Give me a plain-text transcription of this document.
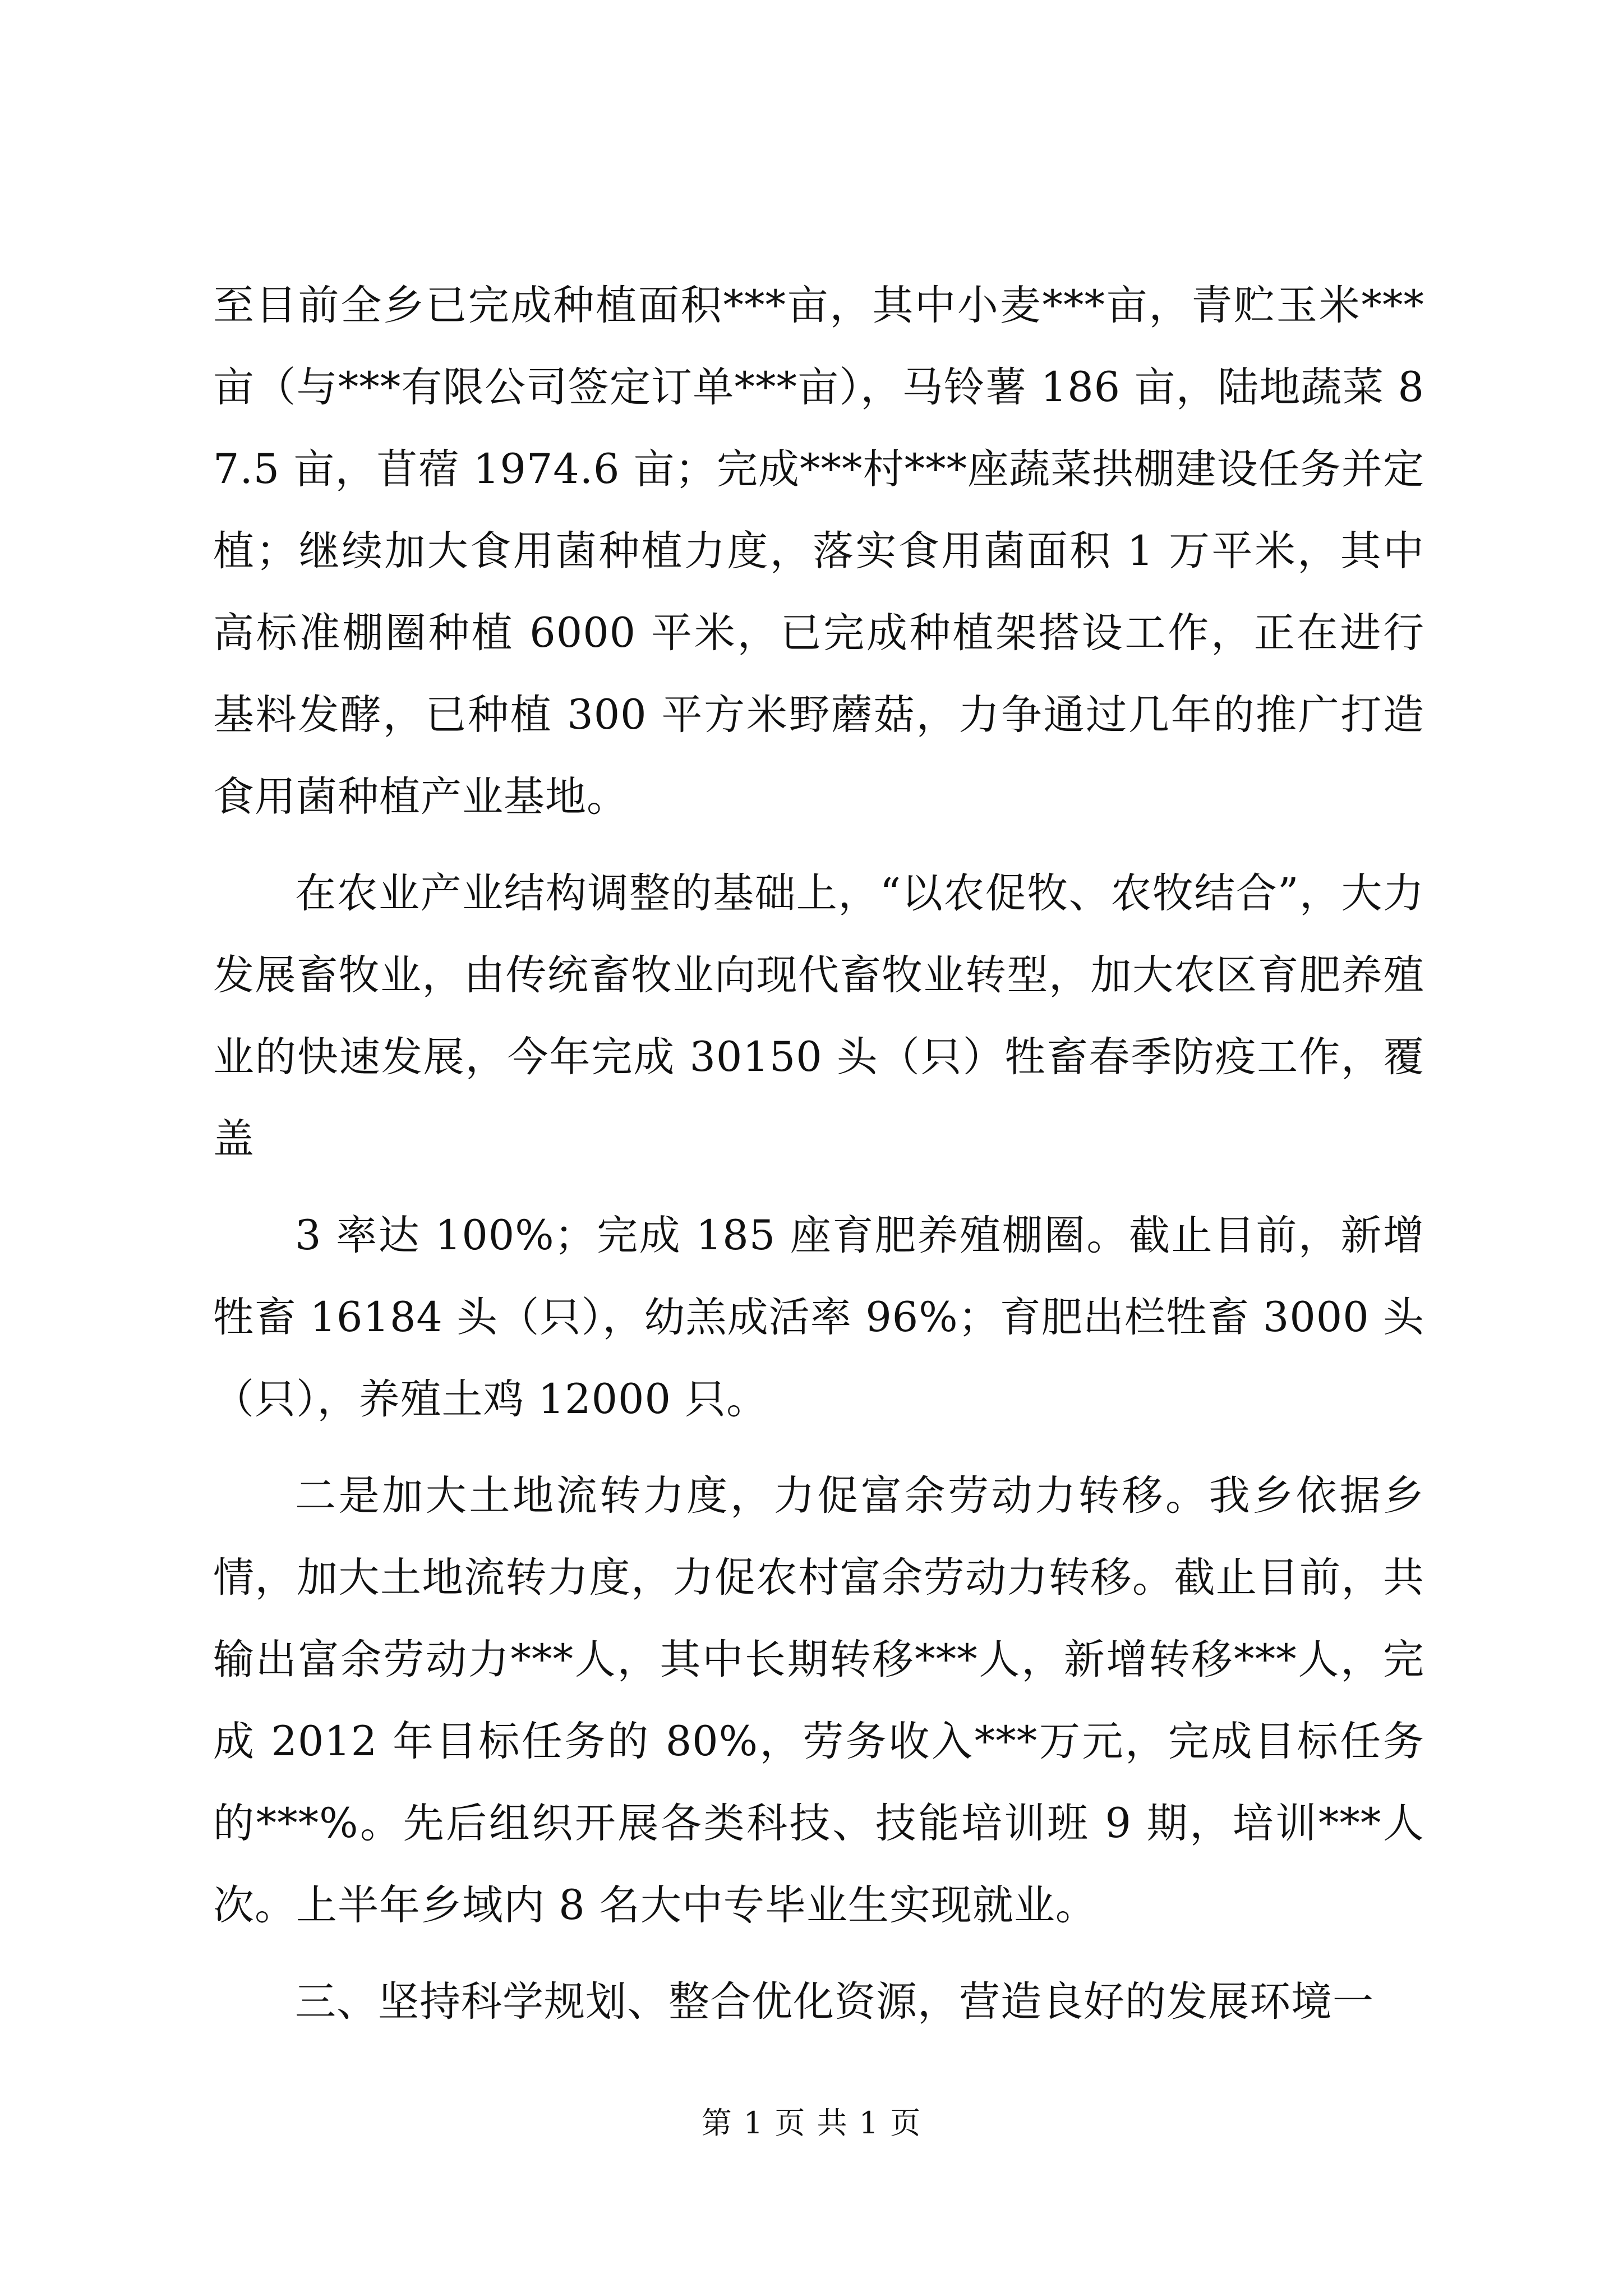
至目前全乡已完成种植面积***亩，其中小麦***亩，青贮玉米***亩（与***有限公司签定订单***亩），马铃薯 186 亩，陆地蔬菜 87.5 亩，苜蓿 1974.6 亩；完成***村***座蔬菜拱棚建设任务并定植；继续加大食用菌种植力度，落实食用菌面积 1 万平米，其中高标准棚圈种植 6000 平米，已完成种植架搭设工作，正在进行基料发酵，已种植 300 平方米野蘑菇，力争通过几年的推广打造食用菌种植产业基地。

在农业产业结构调整的基础上，“以农促牧、农牧结合”，大力发展畜牧业，由传统畜牧业向现代畜牧业转型，加大农区育肥养殖业的快速发展，今年完成 30150 头（只）牲畜春季防疫工作，覆盖

3 率达 100%；完成 185 座育肥养殖棚圈。截止目前，新增牲畜 16184 头（只），幼羔成活率 96%；育肥出栏牲畜 3000 头（只），养殖土鸡 12000 只。

二是加大土地流转力度，力促富余劳动力转移。我乡依据乡情，加大土地流转力度，力促农村富余劳动力转移。截止目前，共输出富余劳动力***人，其中长期转移***人，新增转移***人，完成 2012 年目标任务的 80%，劳务收入***万元，完成目标任务的***%。先后组织开展各类科技、技能培训班 9 期，培训***人次。上半年乡域内 8 名大中专毕业生实现就业。

三、坚持科学规划、整合优化资源，营造良好的发展环境一

第 1 页 共 1 页
